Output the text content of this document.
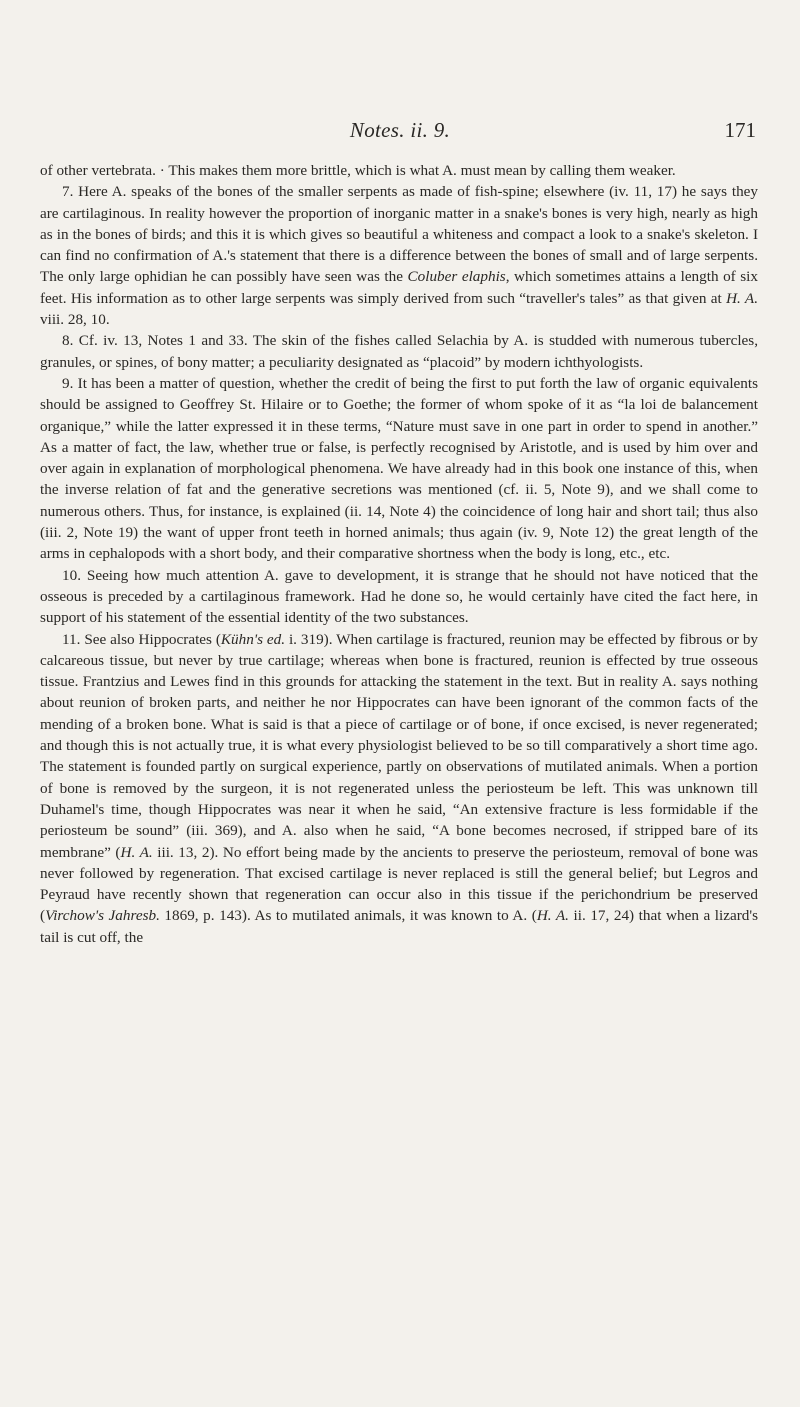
Notes. ii. 9.	171

of other vertebrata. · This makes them more brittle, which is what A. must mean by calling them weaker.

7. Here A. speaks of the bones of the smaller serpents as made of fish-spine; elsewhere (iv. 11, 17) he says they are cartilaginous. In reality however the proportion of inorganic matter in a snake's bones is very high, nearly as high as in the bones of birds; and this it is which gives so beautiful a whiteness and compact a look to a snake's skeleton. I can find no confirmation of A.'s statement that there is a difference between the bones of small and of large serpents. The only large ophidian he can possibly have seen was the Coluber elaphis, which sometimes attains a length of six feet. His information as to other large serpents was simply derived from such “traveller's tales” as that given at H. A. viii. 28, 10.

8. Cf. iv. 13, Notes 1 and 33. The skin of the fishes called Selachia by A. is studded with numerous tubercles, granules, or spines, of bony matter; a peculiarity designated as “placoid” by modern ichthyologists.

9. It has been a matter of question, whether the credit of being the first to put forth the law of organic equivalents should be assigned to Geoffrey St. Hilaire or to Goethe; the former of whom spoke of it as “la loi de balancement organique,” while the latter expressed it in these terms, “Nature must save in one part in order to spend in another.” As a matter of fact, the law, whether true or false, is perfectly recognised by Aristotle, and is used by him over and over again in explanation of morphological phenomena. We have already had in this book one instance of this, when the inverse relation of fat and the generative secretions was mentioned (cf. ii. 5, Note 9), and we shall come to numerous others. Thus, for instance, is explained (ii. 14, Note 4) the coincidence of long hair and short tail; thus also (iii. 2, Note 19) the want of upper front teeth in horned animals; thus again (iv. 9, Note 12) the great length of the arms in cephalopods with a short body, and their comparative shortness when the body is long, etc., etc.

10. Seeing how much attention A. gave to development, it is strange that he should not have noticed that the osseous is preceded by a cartilaginous framework. Had he done so, he would certainly have cited the fact here, in support of his statement of the essential identity of the two substances.

11. See also Hippocrates (Kühn's ed. i. 319). When cartilage is fractured, reunion may be effected by fibrous or by calcareous tissue, but never by true cartilage; whereas when bone is fractured, reunion is effected by true osseous tissue. Frantzius and Lewes find in this grounds for attacking the statement in the text. But in reality A. says nothing about reunion of broken parts, and neither he nor Hippocrates can have been ignorant of the common facts of the mending of a broken bone. What is said is that a piece of cartilage or of bone, if once excised, is never regenerated; and though this is not actually true, it is what every physiologist believed to be so till comparatively a short time ago. The statement is founded partly on surgical experience, partly on observations of mutilated animals. When a portion of bone is removed by the surgeon, it is not regenerated unless the periosteum be left. This was unknown till Duhamel's time, though Hippocrates was near it when he said, “An extensive fracture is less formidable if the periosteum be sound” (iii. 369), and A. also when he said, “A bone becomes necrosed, if stripped bare of its membrane” (H. A. iii. 13, 2). No effort being made by the ancients to preserve the periosteum, removal of bone was never followed by regeneration. That excised cartilage is never replaced is still the general belief; but Legros and Peyraud have recently shown that regeneration can occur also in this tissue if the perichondrium be preserved (Virchow's Jahresb. 1869, p. 143). As to mutilated animals, it was known to A. (H. A. ii. 17, 24) that when a lizard's tail is cut off, the
